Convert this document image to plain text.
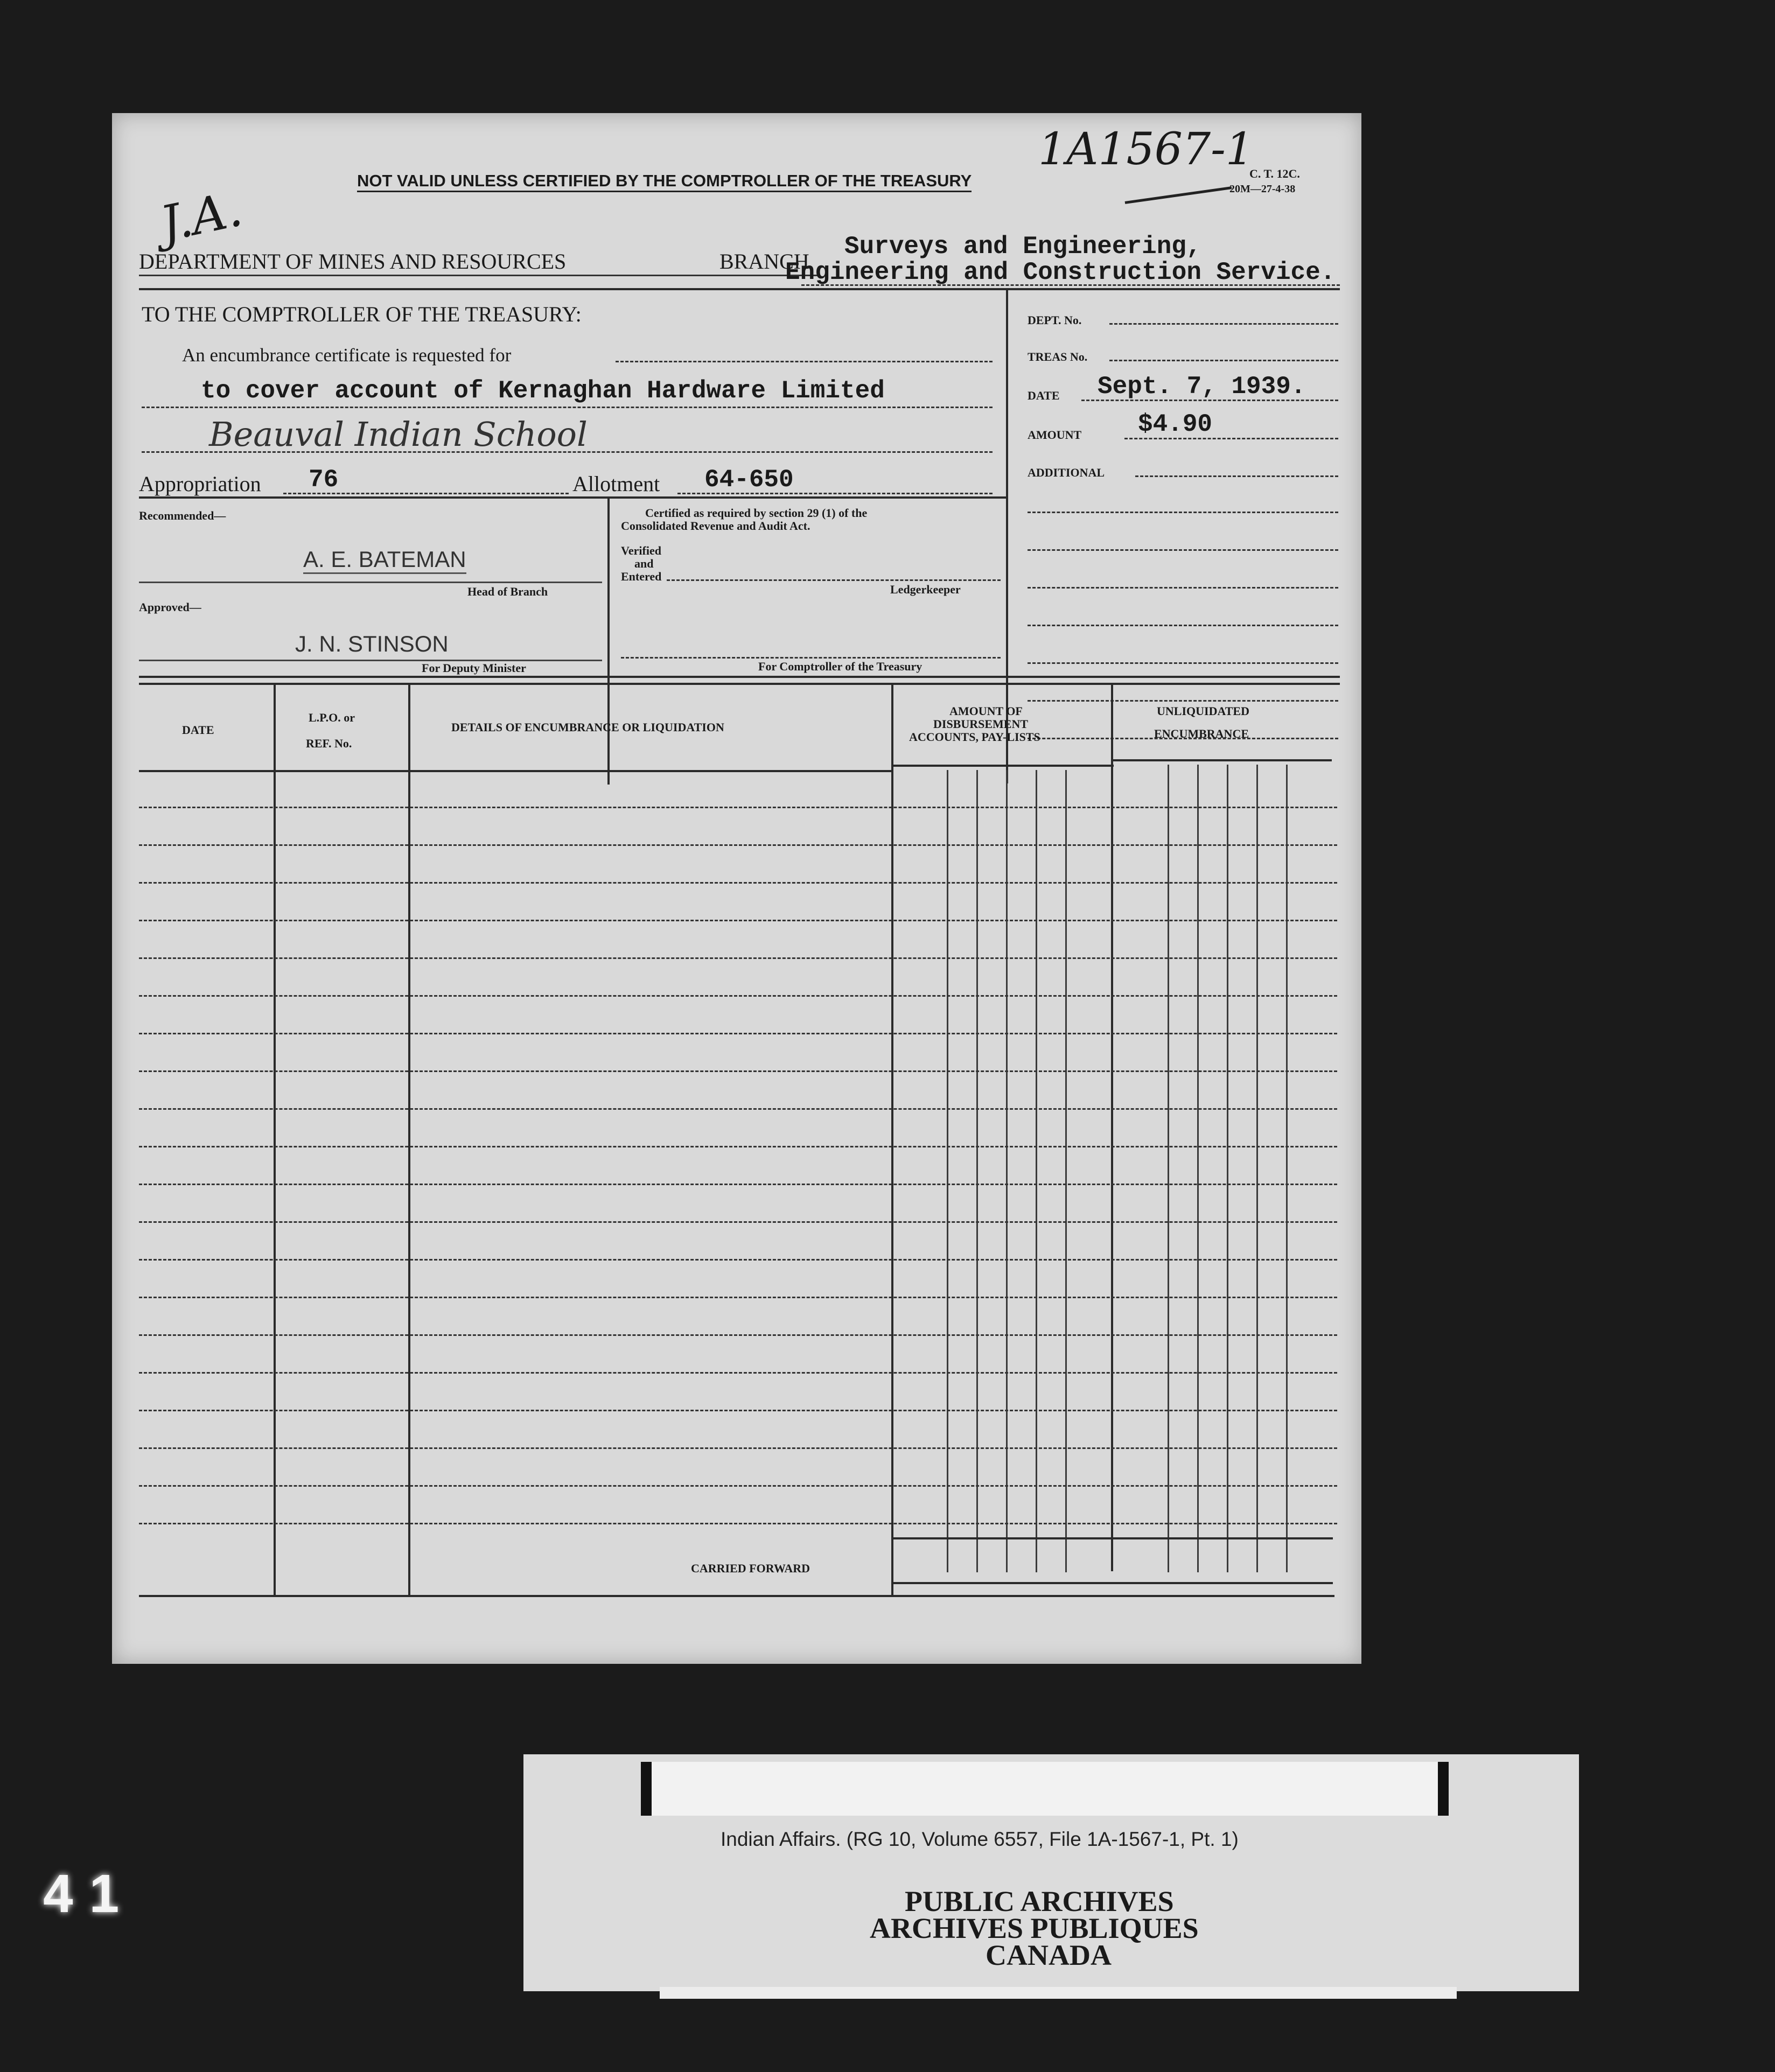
NOT VALID UNLESS CERTIFIED BY THE COMPTROLLER OF THE TREASURY
1A1567-1
C. T. 12C.
20M—27-4-38
J.A.
DEPARTMENT OF MINES AND RESOURCES	BRANCH
Surveys and Engineering,
Engineering and Construction Service.
TO THE COMPTROLLER OF THE TREASURY:
An encumbrance certificate is requested for
to cover account of Kernaghan Hardware Limited
Beauval Indian School
Appropriation 76	Allotment 64-650
DEPT. No.
TREAS No.
DATE Sept. 7, 1939.
AMOUNT $4.90
ADDITIONAL
Recommended—
A. E. BATEMAN
Head of Branch
Approved—
J. N. STINSON
For Deputy Minister
Certified as required by section 29 (1) of the
Consolidated Revenue and Audit Act.
Verified
and
Entered
Ledgerkeeper
For Comptroller of the Treasury
DATE
L.P.O. or
REF. No.
DETAILS OF ENCUMBRANCE OR LIQUIDATION
AMOUNT OF
DISBURSEMENT
ACCOUNTS, PAY-LISTS
UNLIQUIDATED
ENCUMBRANCE
CARRIED FORWARD
41
Indian Affairs. (RG 10, Volume 6557, File 1A-1567-1, Pt. 1)
PUBLIC ARCHIVES
ARCHIVES PUBLIQUES
CANADA
